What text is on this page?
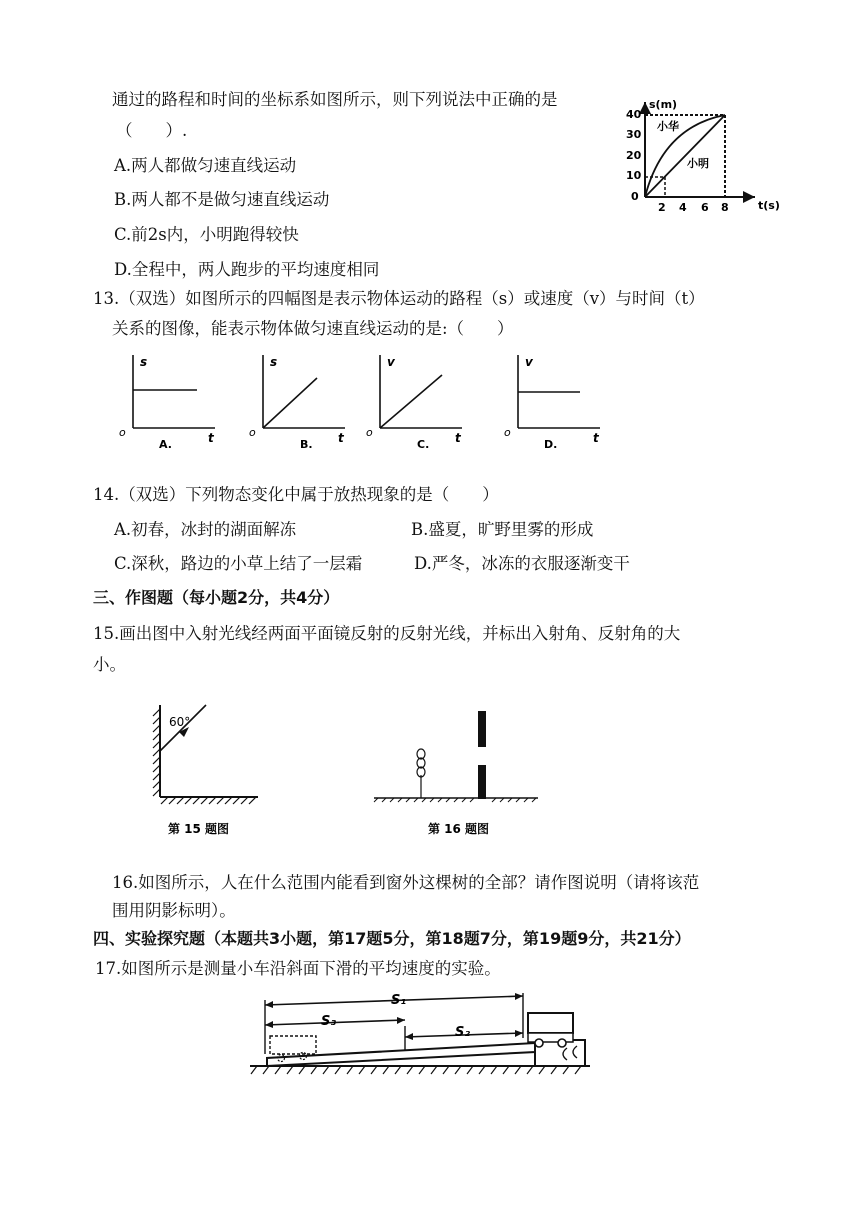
通过的路程和时间的坐标系如图所示，则下列说法中正确的是
（　　）.
A.两人都做匀速直线运动
B.两人都不是做匀速直线运动
C.前2s内，小明跑得较快
D.全程中，两人跑步的平均速度相同
s(m)
t(s)
0
10
20
30
40
2 4 6 8
小华
小明
13.（双选）如图所示的四幅图是表示物体运动的路程（s）或速度（v）与时间（t）
关系的图像，能表示物体做匀速直线运动的是:（　　）
s
t
o
A.
s
t
o
B.
v
t
o
C.
v
t
o
D.
14.（双选）下列物态变化中属于放热现象的是（　　）
A.初春，冰封的湖面解冻	B.盛夏，旷野里雾的形成
C.深秋，路边的小草上结了一层霜	D.严冬，冰冻的衣服逐渐变干
三、作图题（每小题2分，共4分）
15.画出图中入射光线经两面平面镜反射的反射光线，并标出入射角、反射角的大
小。
60°
第 15 题图	第 16 题图
16.如图所示，人在什么范围内能看到窗外这棵树的全部？请作图说明（请将该范
围用阴影标明）。
四、实验探究题（本题共3小题，第17题5分，第18题7分，第19题9分，共21分）
17.如图所示是测量小车沿斜面下滑的平均速度的实验。
S₁
S₃
S₂
